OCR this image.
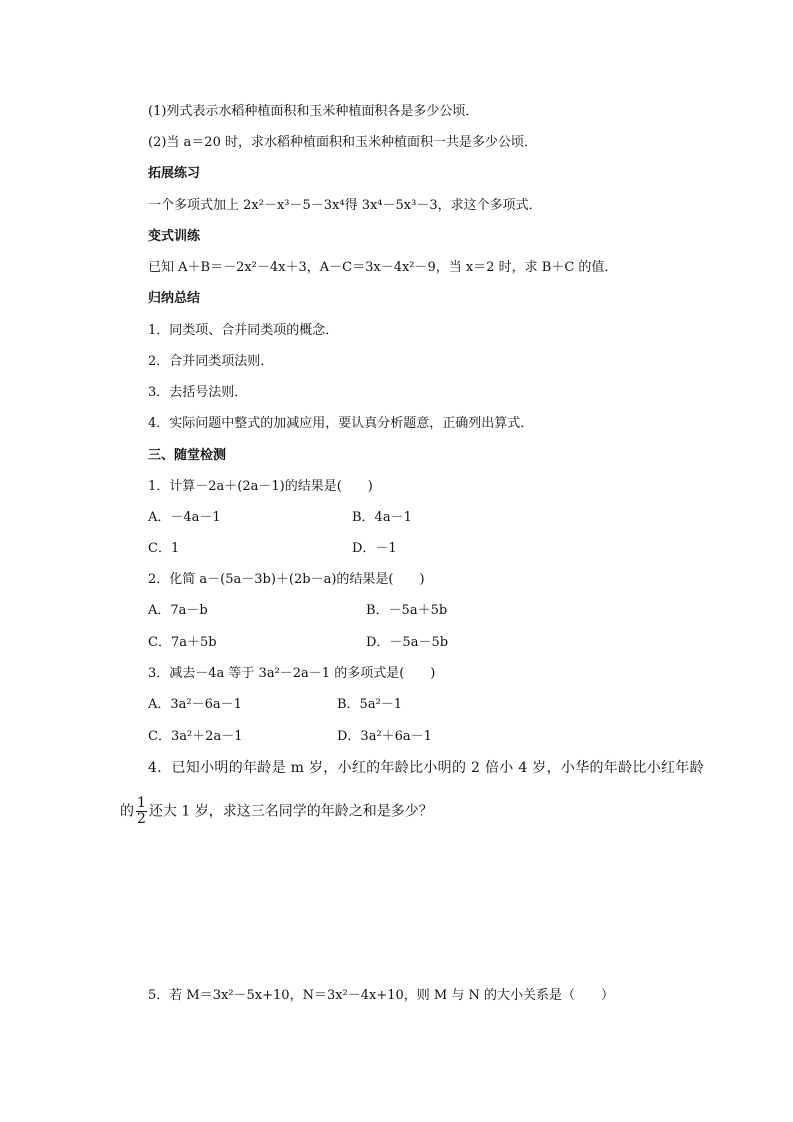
(1)列式表示水稻种植面积和玉米种植面积各是多少公顷．
(2)当 a＝20 时，求水稻种植面积和玉米种植面积一共是多少公顷．
拓展练习
一个多项式加上 2x²－x³－5－3x⁴得 3x⁴－5x³－3，求这个多项式．
变式训练
已知 A＋B＝－2x²－4x＋3，A－C＝3x－4x²－9，当 x＝2 时，求 B＋C 的值．
归纳总结
1．同类项、合并同类项的概念．
2．合并同类项法则．
3．去括号法则．
4．实际问题中整式的加减应用，要认真分析题意，正确列出算式．
三、随堂检测
1．计算－2a＋(2a－1)的结果是(　　)
A．－4a－1	B．4a－1
C．1	D．－1
2．化简 a－(5a－3b)＋(2b－a)的结果是(　　)
A．7a－b	B．－5a＋5b
C．7a＋5b	D．－5a－5b
3．减去－4a 等于 3a²－2a－1 的多项式是(　　)
A．3a²－6a－1	B．5a²－1
C．3a²＋2a－1	D．3a²＋6a－1
4．已知小明的年龄是 m 岁，小红的年龄比小明的 2 倍小 4 岁，小华的年龄比小红年龄
的 $\frac{1}{2}$ 还大 1 岁，求这三名同学的年龄之和是多少？
5．若 M＝3x²－5x+10，N＝3x²－4x+10，则 M 与 N 的大小关系是（　　）
